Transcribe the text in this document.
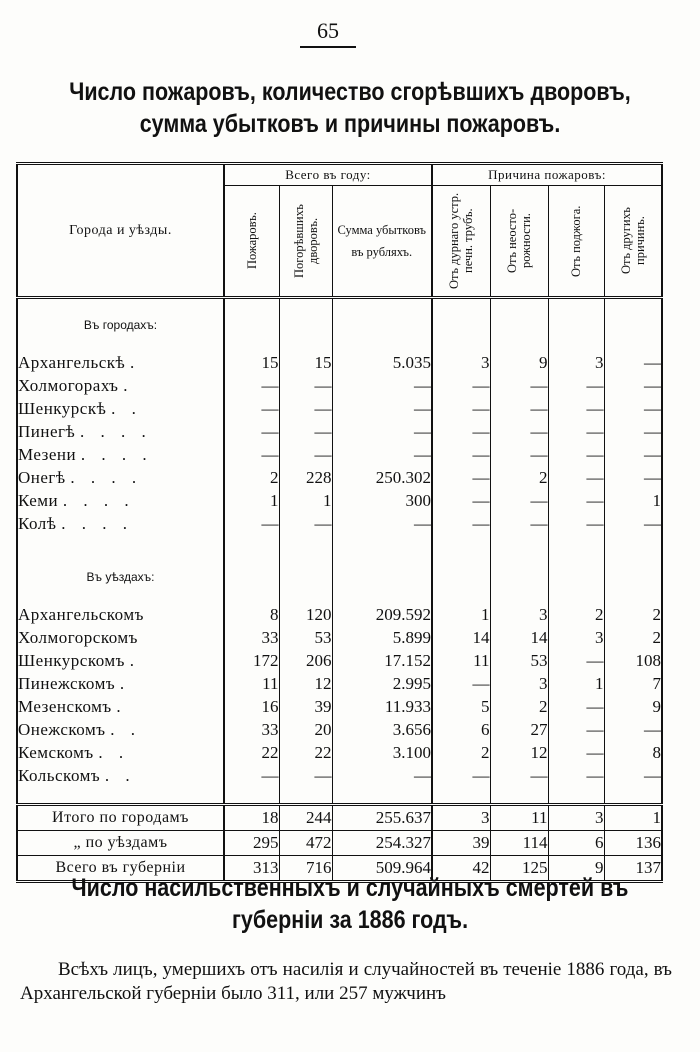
65
Число пожаровъ, количество сгорѣвшихъ дворовъ,
сумма убытковъ и причины пожаровъ.
Города и уѣзды.	Всего въ году:			Причина пожаровъ:			

	Пожаровъ.	Погорѣвшихъ дворовъ.	Сумма убытковъ въ рубляхъ.	Отъ дурнаго устр. печн. трубъ.	Отъ неосто- рожности.	Отъ поджога.	Отъ другихъ причинъ.

Въ городахъ:							
Архангельскѣ .	15	15	5.035	3	9	3	—
Холмогорахъ .	—	—	—	—	—	—	—
Шенкурскѣ . .	—	—	—	—	—	—	—
Пинегѣ . . . .	—	—	—	—	—	—	—
Мезени . . . .	—	—	—	—	—	—	—
Онегѣ . . . .	2	228	250.302	—	2	—	—
Кеми . . . .	1	1	300	—	—	—	1
Колѣ . . . .	—	—	—	—	—	—	—

Въ уѣздахъ:							
Архангельскомъ	8	120	209.592	1	3	2	2
Холмогорскомъ	33	53	5.899	14	14	3	2
Шенкурскомъ .	172	206	17.152	11	53	—	108
Пинежскомъ .	11	12	2.995	—	3	1	7
Мезенскомъ .	16	39	11.933	5	2	—	9
Онежскомъ . .	33	20	3.656	6	27	—	—
Кемскомъ . .	22	22	3.100	2	12	—	8
Кольскомъ . .	—	—	—	—	—	—	—

Итого по городамъ	18	244	255.637	3	11	3	1
„ по уѣздамъ	295	472	254.327	39	114	6	136
Всего въ губерніи	313	716	509.964	42	125	9	137
Число насильственныхъ и случайныхъ смертей въ
губерніи за 1886 годъ.

Всѣхъ лицъ, умершихъ отъ насилія и случайностей въ теченіе 1886 года, въ Архангельской губерніи было 311, или 257 мужчинъ
